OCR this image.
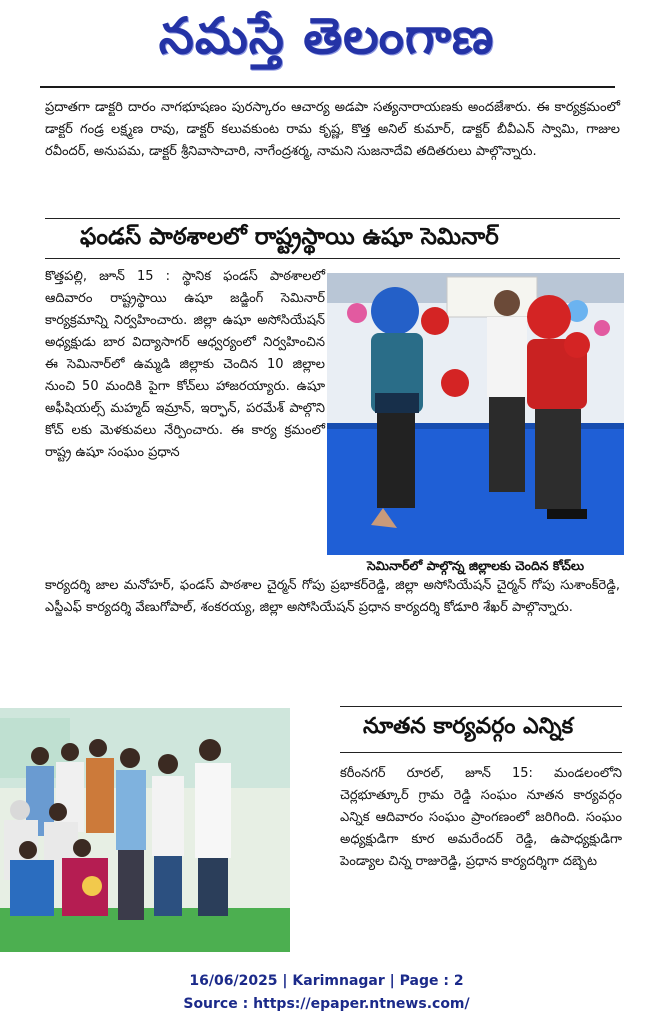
నమస్తే తెలంగాణ
ప్రదాతగా డాక్టరి దారం నాగభూషణం పురస్కారం ఆచార్య అడపా సత్యనారాయణకు అందజేశారు. ఈ కార్యక్రమంలో డాక్టర్ గండ్ర లక్ష్మణ రావు, డాక్టర్ కలువకుంట రామ కృష్ణ, కొత్త అనిల్ కుమార్, డాక్టర్ బీవీఎన్ స్వామి, గాజుల రవీందర్, అనుపమ, డాక్టర్ శ్రీనివాసాచారి, నాగేంద్రశర్మ, నామని సుజనాదేవి తదితరులు పాల్గొన్నారు.
ఫండస్ పాఠశాలలో రాష్ట్రస్థాయి ఉషూ సెమినార్
కొత్తపల్లి, జూన్ 15 : స్థానిక ఫండస్ పాఠశాలలో ఆదివారం రాష్ట్రస్థాయి ఉషూ జడ్జింగ్ సెమినార్ కార్యక్రమాన్ని నిర్వహించారు. జిల్లా ఉషూ అసోసియేషన్ అధ్యక్షుడు బార విద్యాసాగర్ ఆధ్వర్యంలో నిర్వహించిన ఈ సెమినార్‌లో ఉమ్మడి జిల్లాకు చెందిన 10 జిల్లాల నుంచి 50 మందికి పైగా కోచ్‌లు హాజరయ్యారు. ఉషూ అఫీషియల్స్ మహ్మద్ ఇమ్రాన్, ఇర్ఫాన్, పరమేశ్ పాల్గొని కోచ్ లకు మెళకువలు నేర్పించారు. ఈ కార్య క్రమంలో రాష్ట్ర ఉషూ సంఘం ప్రధాన
సెమినార్‌లో పాల్గొన్న జిల్లాలకు చెందిన కోచ్‌లు
కార్యదర్శి జాల మనోహర్, ఫండస్ పాఠశాల చైర్మన్ గోపు ప్రభాకర్‌రెడ్డి, జిల్లా అసోసియేషన్ చైర్మన్ గోపు సుశాంక్‌రెడ్డి, ఎస్జీఎఫ్ కార్యదర్శి వేణుగోపాల్, శంకరయ్య, జిల్లా అసోసియేషన్ ప్రధాన కార్యదర్శి కోడూరి శేఖర్ పాల్గొన్నారు.
నూతన కార్యవర్గం ఎన్నిక
కరీంనగర్ రూరల్, జూన్ 15: మండలంలోని చెర్లభూత్కూర్ గ్రామ రెడ్డి సంఘం నూతన కార్యవర్గం ఎన్నిక ఆదివారం సంఘం ప్రాంగణంలో జరిగింది. సంఘం అధ్యక్షుడిగా కూర అమరేందర్ రెడ్డి, ఉపాధ్యక్షుడిగా పెండ్యాల చిన్న రాజురెడ్డి, ప్రధాన కార్యదర్శిగా దబ్బెట
16/06/2025 | Karimnagar | Page : 2
Source : https://epaper.ntnews.com/
